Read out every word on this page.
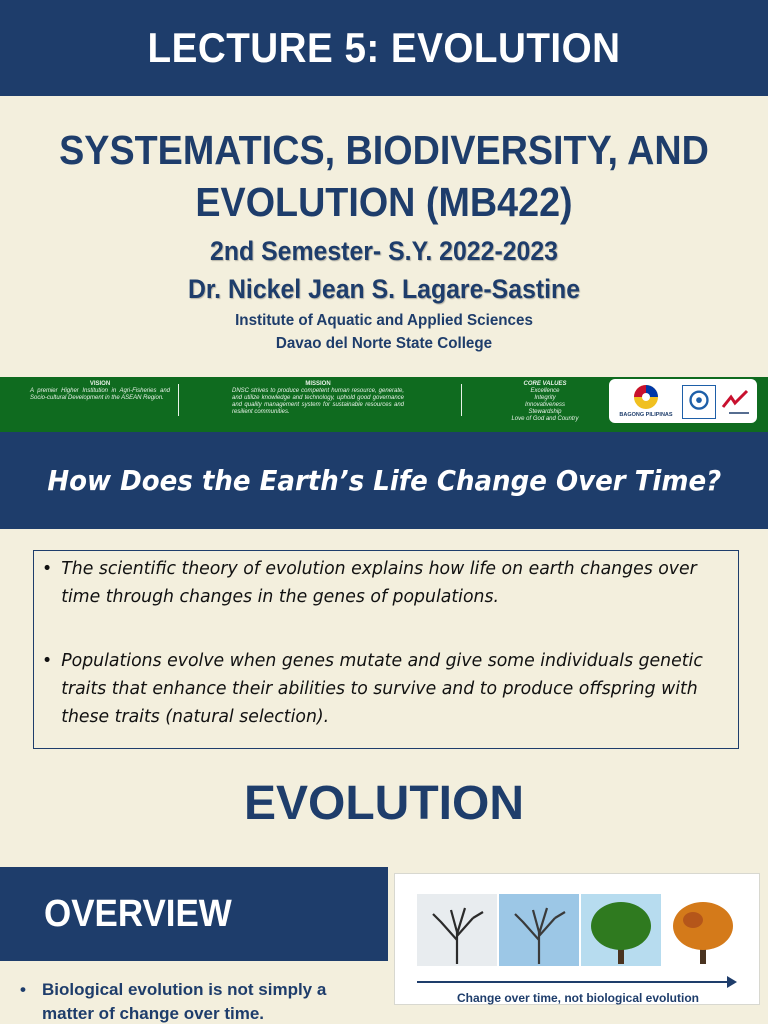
LECTURE 5: EVOLUTION
SYSTEMATICS, BIODIVERSITY, AND
EVOLUTION (MB422)
2nd Semester- S.Y. 2022-2023
Dr. Nickel Jean S. Lagare-Sastine
Institute of Aquatic and Applied Sciences
Davao del Norte State College
VISION
A premier Higher Institution in Agri-Fisheries and Socio-cultural Development in the ASEAN Region.
MISSION
DNSC strives to produce competent human resource, generate, and utilize knowledge and technology, uphold good governance and quality management system for sustainable resources and resilient communities.
CORE VALUES
Excellence
Integrity
Innovativeness
Stewardship
Love of God and Country
BAGONG PILIPINAS
How Does the Earth’s Life Change Over Time?
• The scientific theory of evolution explains how life on earth changes over time through changes in the genes of populations.
• Populations evolve when genes mutate and give some individuals genetic traits that enhance their abilities to survive and to produce offspring with these traits (natural selection).
EVOLUTION
OVERVIEW
• Biological evolution is not simply a matter of change over time.
Change over time, not biological evolution
